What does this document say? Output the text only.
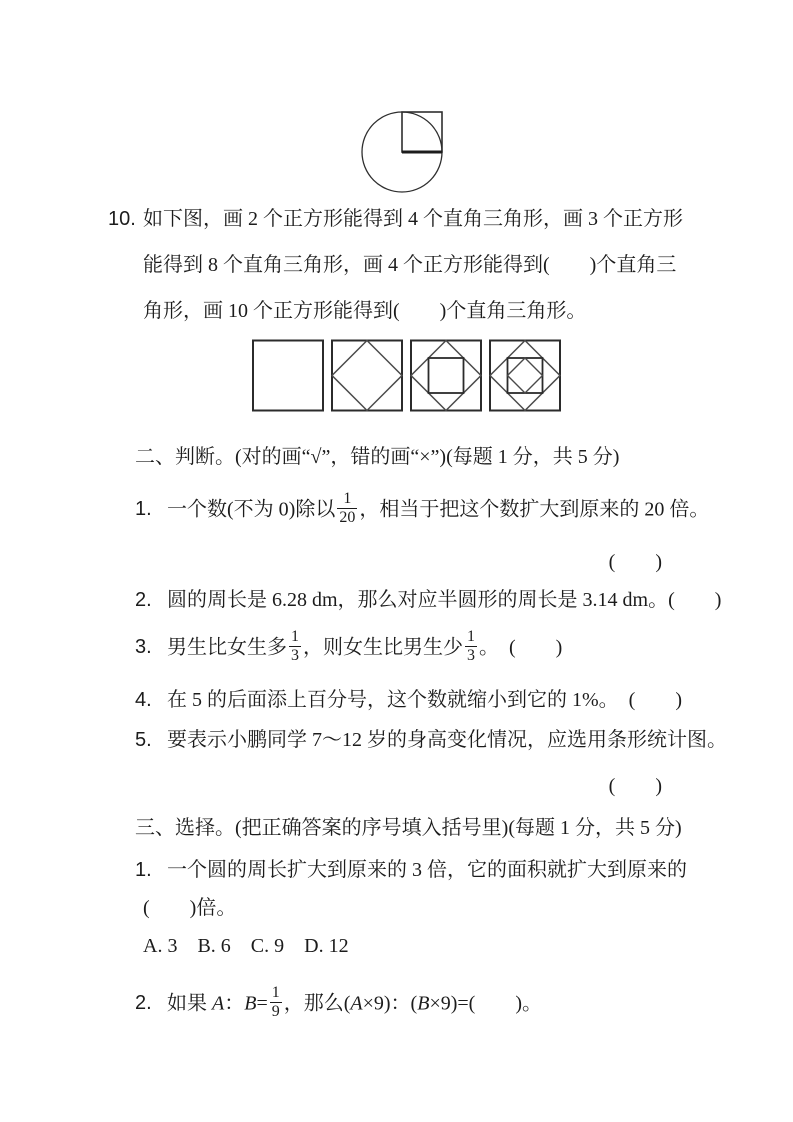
10. 如下图，画 2 个正方形能得到 4 个直角三角形，画 3 个正方形
能得到 8 个直角三角形，画 4 个正方形能得到(　　)个直角三
角形，画 10 个正方形能得到(　　)个直角三角形。
二、判断。(对的画“√”，错的画“×”)(每题 1 分，共 5 分)
1. 一个数(不为 0)除以 $\frac{1}{20}$ ，相当于把这个数扩大到原来的 20 倍。
(　　)
2. 圆的周长是 6.28 dm，那么对应半圆形的周长是 3.14 dm。(　　)
3. 男生比女生多 $\frac{1}{3}$ ，则女生比男生少 $\frac{1}{3}$ 。　(　　)
4. 在 5 的后面添上百分号，这个数就缩小到它的 1%。　(　　)
5. 要表示小鹏同学 7～12 岁的身高变化情况，应选用条形统计图。
(　　)
三、选择。(把正确答案的序号填入括号里)(每题 1 分，共 5 分)
1. 一个圆的周长扩大到原来的 3 倍，它的面积就扩大到原来的
(　　)倍。
A. 3　B. 6　C. 9　D. 12
2. 如果 A：$B= \frac{1}{9}$ ，那么(A×9)：(B×9)=(　　)。
